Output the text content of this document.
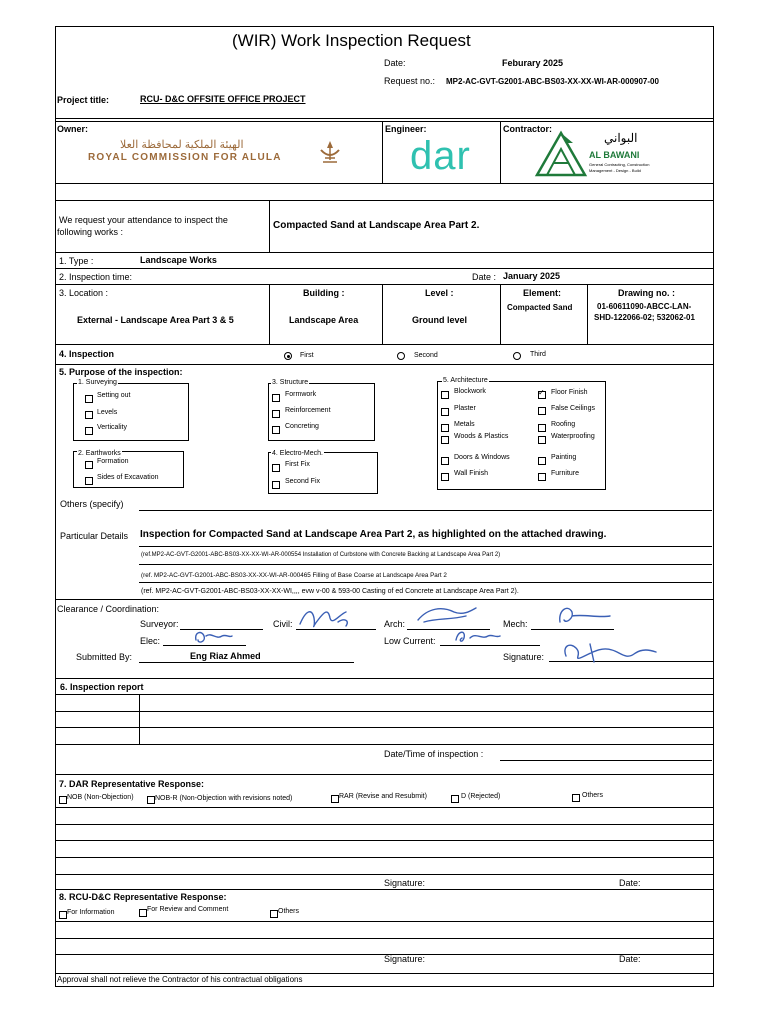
(WIR) Work Inspection Request
Date:	Feburary 2025
Request no.: MP2-AC-GVT-G2001-ABC-BS03-XX-XX-WI-AR-000907-00
Project title:	RCU- D&C OFFSITE OFFICE PROJECT
Owner:	Engineer:	Contractor:
الهيئة الملكية لمحافظة العلا
ROYAL COMMISSION FOR ALULA	dar	البواني
AL BAWANI
General Contracting, Construction
Management - Design - Build
We request your attendance to inspect the
following works :
Compacted Sand at Landscape Area Part 2.
1. Type :	Landscape Works
2. Inspection time:	Date : January 2025
3. Location :
External - Landscape Area Part 3 & 5
Building :
Landscape Area
Level :
Ground level
Element:
Compacted Sand
Drawing no. :
01-60611090-ABCC-LAN-
SHD-122066-02; 532062-01
4. Inspection	First	Second	Third
5. Purpose of the inspection:
1. Surveying
Setting out
Levels
Verticality
3. Structure
Formwork
Reinforcement
Concreting
5. Architecture
Blockwork
Plaster
Metals
Woods & Plastics
Doors & Windows
Wall Finish
✓
Floor Finish
False Ceilings
Roofing
Waterproofing
Painting
Furniture
2. Earthworks
Formation
Sides of Excavation
4. Electro-Mech.
First Fix
Second Fix
Others (specify)
Particular Details Inspection for Compacted Sand at Landscape Area Part 2, as highlighted on the attached drawing.
(ref.MP2-AC-GVT-G2001-ABC-BS03-XX-XX-WI-AR-000554 Installation of Curbstone with Concrete Backing at Landscape Area Part 2)
(ref. MP2-AC-GVT-G2001-ABC-BS03-XX-XX-WI-AR-000465 Filling of Base Coarse at Landscape Area Part 2
(ref. MP2-AC-GVT-G2001-ABC-BS03-XX-XX-WI,,,, evw v-00 & 593-00 Casting of ed Concrete at Landscape Area Part 2).
Clearance / Coordination:
Surveyor:	Civil:	Arch:	Mech:
Elec:	Low Current:
Submitted By:	Eng Riaz Ahmed	Signature:
6. Inspection report
Date/Time of inspection :
7. DAR Representative Response:
NOB (Non-Objection)	NOB-R (Non-Objection with revisions noted)	RAR (Revise and Resubmit)	D (Rejected)	Others
Signature:	Date:
8. RCU-D&C Representative Response:
For Information	For Review and Comment	Others
Signature:	Date:
Approval shall not relieve the Contractor of his contractual obligations
